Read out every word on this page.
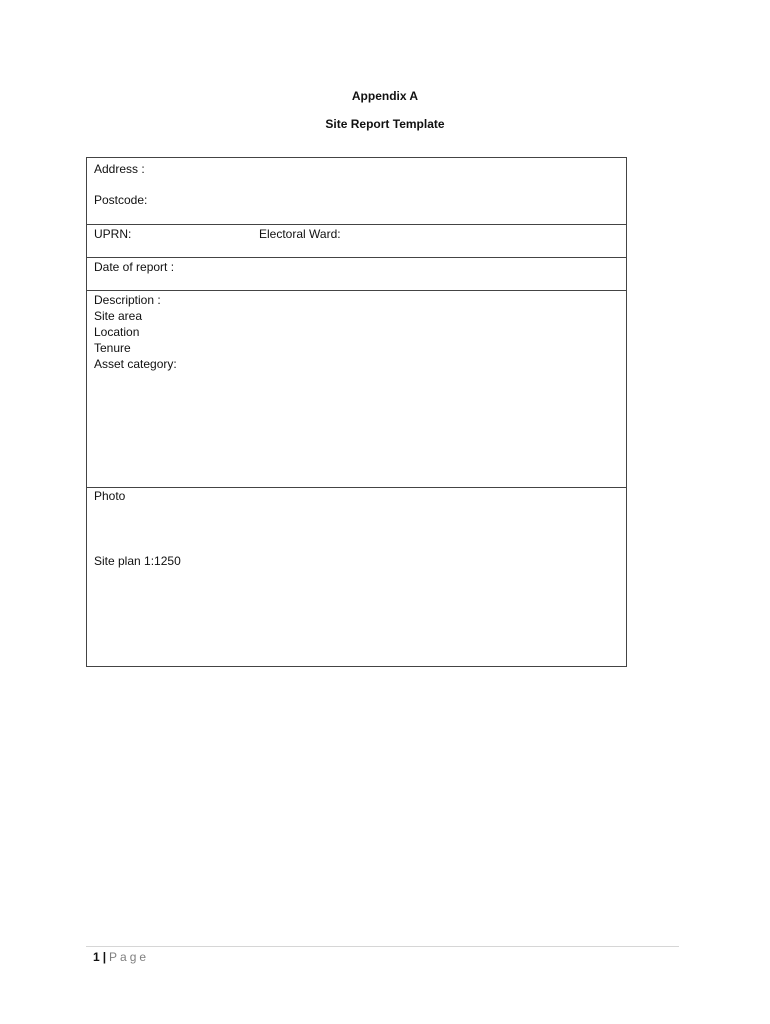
Appendix A
Site Report Template
Address :
Postcode:
UPRN:	Electoral Ward:
Date of report :
Description :
Site area
Location
Tenure
Asset category:
Photo
Site plan 1:1250
1 | Page
